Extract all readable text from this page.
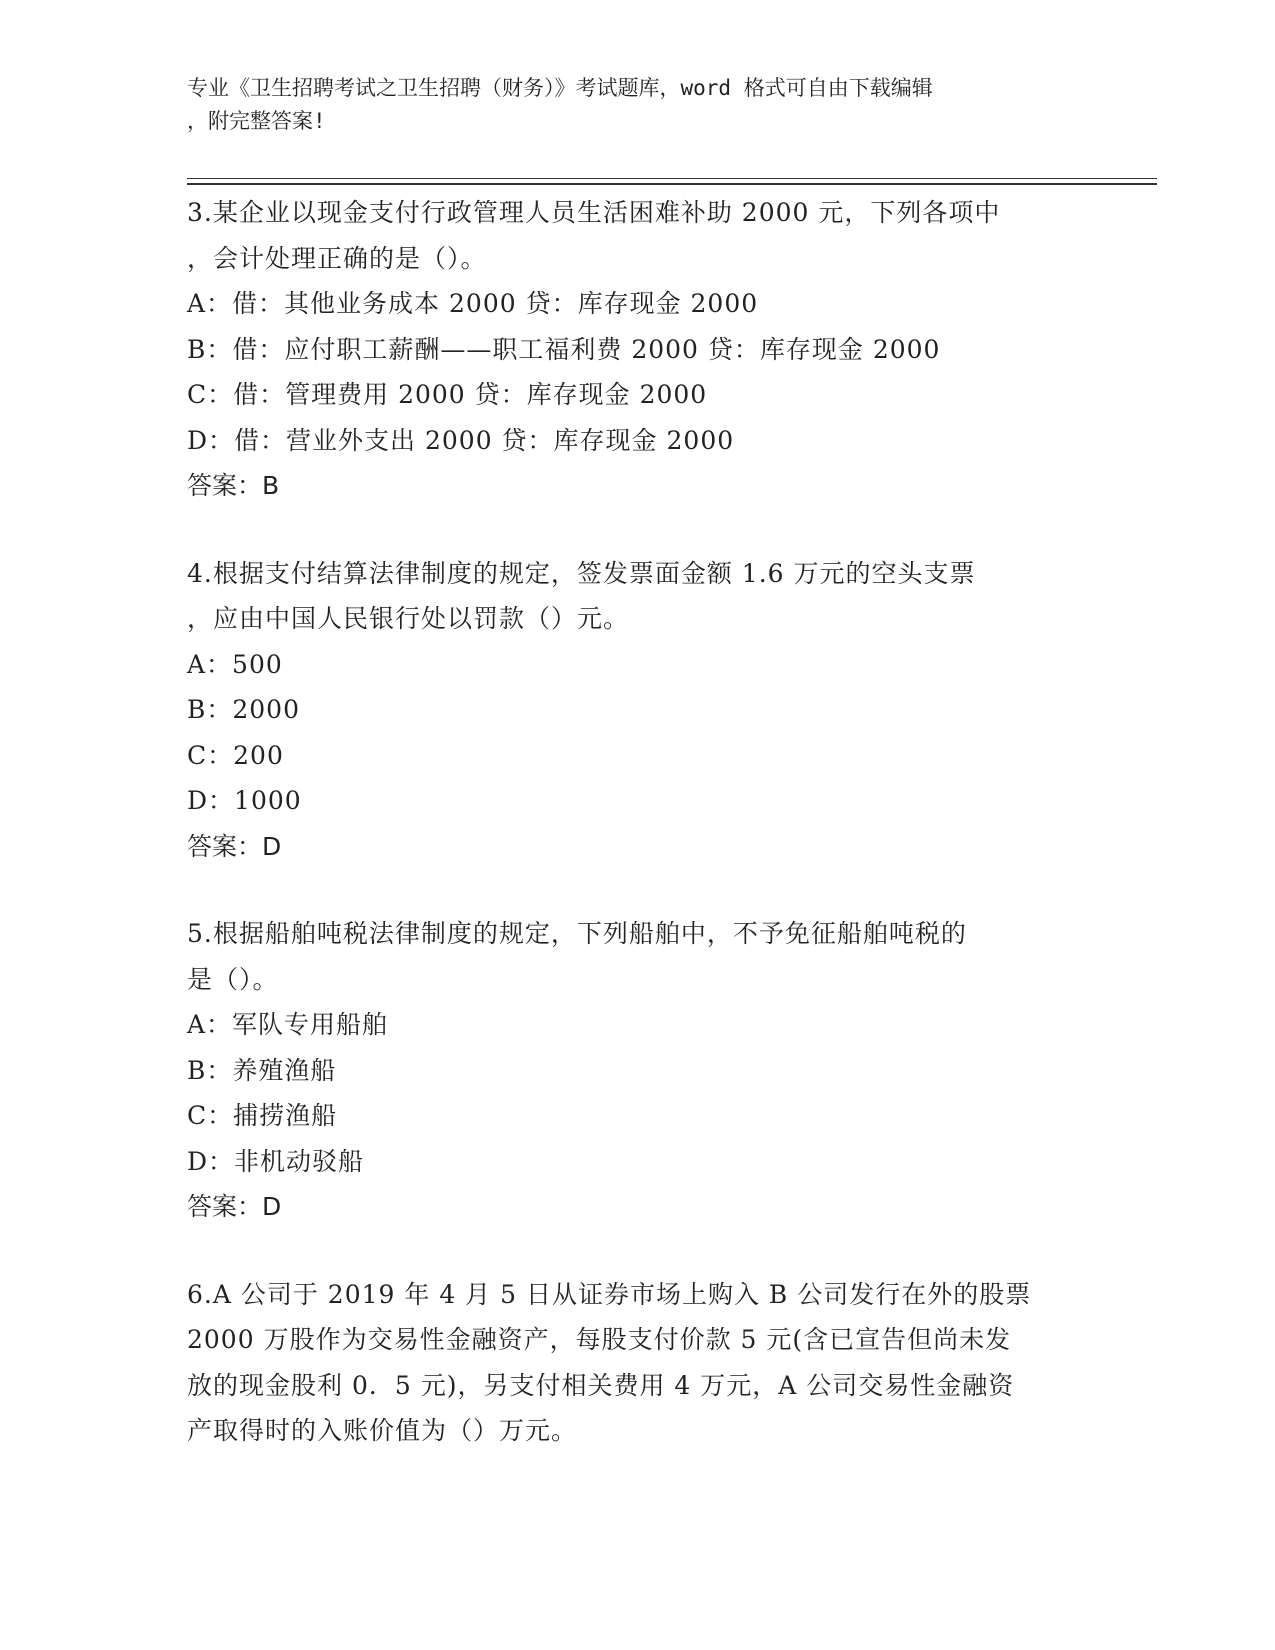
专业《卫生招聘考试之卫生招聘（财务）》考试题库，word 格式可自由下载编辑
，附完整答案!
3.某企业以现金支付行政管理人员生活困难补助 2000 元，下列各项中
，会计处理正确的是（）。
A：借：其他业务成本 2000 贷：库存现金 2000
B：借：应付职工薪酬——职工福利费 2000 贷：库存现金 2000
C：借：管理费用 2000 贷：库存现金 2000
D：借：营业外支出 2000 贷：库存现金 2000
答案：B
4.根据支付结算法律制度的规定，签发票面金额 1.6 万元的空头支票
，应由中国人民银行处以罚款（）元。
A：500
B：2000
C：200
D：1000
答案：D
5.根据船舶吨税法律制度的规定，下列船舶中，不予免征船舶吨税的
是（）。
A：军队专用船舶
B：养殖渔船
C：捕捞渔船
D：非机动驳船
答案：D
6.A 公司于 2019 年 4 月 5 日从证券市场上购入 B 公司发行在外的股票
2000 万股作为交易性金融资产，每股支付价款 5 元(含已宣告但尚未发
放的现金股利 0．5 元)，另支付相关费用 4 万元，A 公司交易性金融资
产取得时的入账价值为（）万元。
